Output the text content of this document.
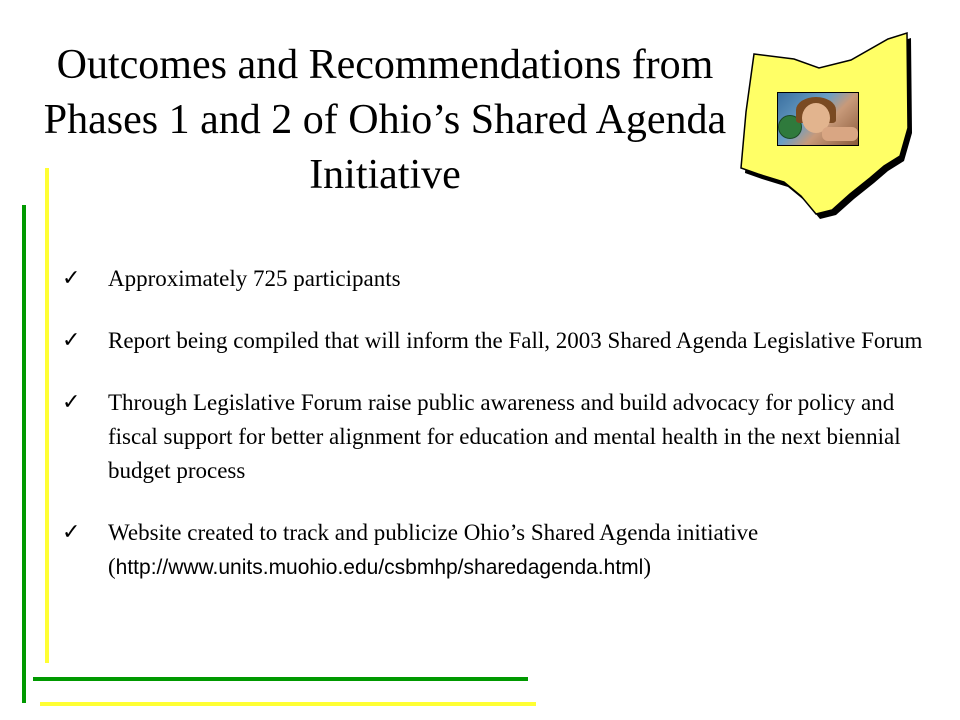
Outcomes and Recommendations from Phases 1 and 2 of Ohio’s Shared Agenda Initiative
✓ Approximately 725 participants
✓ Report being compiled that will inform the Fall, 2003 Shared Agenda Legislative Forum
✓ Through Legislative Forum raise public awareness and build advocacy for policy and fiscal support for better alignment for education and mental health in the next biennial budget process
✓ Website created to track and publicize Ohio’s Shared Agenda initiative (http://www.units.muohio.edu/csbmhp/sharedagenda.html)
